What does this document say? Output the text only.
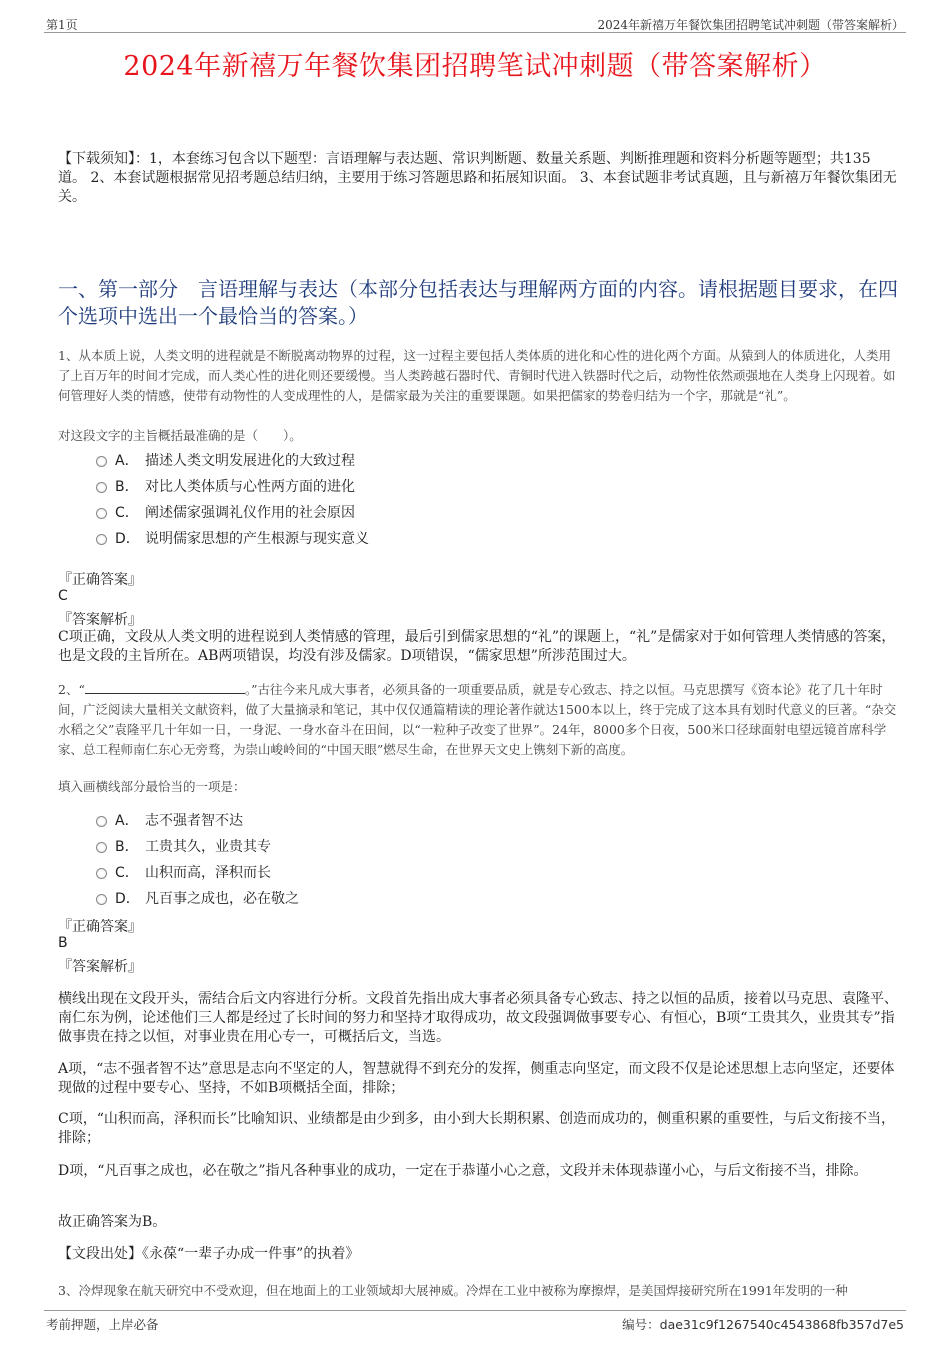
第1页	2024年新禧万年餐饮集团招聘笔试冲刺题（带答案解析）
2024年新禧万年餐饮集团招聘笔试冲刺题（带答案解析）
【下载须知】：1，本套练习包含以下题型：言语理解与表达题、常识判断题、数量关系题、判断推理题和资料分析题等题型；共135道。 2、本套试题根据常见招考题总结归纳，主要用于练习答题思路和拓展知识面。 3、本套试题非考试真题，且与新禧万年餐饮集团无关。
一、第一部分　言语理解与表达（本部分包括表达与理解两方面的内容。请根据题目要求，在四个选项中选出一个最恰当的答案。）
1、从本质上说，人类文明的进程就是不断脱离动物界的过程，这一过程主要包括人类体质的进化和心性的进化两个方面。从猿到人的体质进化，人类用了上百万年的时间才完成，而人类心性的进化则还要缓慢。当人类跨越石器时代、青铜时代进入铁器时代之后，动物性依然顽强地在人类身上闪现着。如何管理好人类的情感，使带有动物性的人变成理性的人，是儒家最为关注的重要课题。如果把儒家的势卷归结为一个字，那就是“礼”。
对这段文字的主旨概括最准确的是（　　）。
A． 描述人类文明发展进化的大致过程
B． 对比人类体质与心性两方面的进化
C． 阐述儒家强调礼仪作用的社会原因
D． 说明儒家思想的产生根源与现实意义
『正确答案』
C
『答案解析』
C项正确，文段从人类文明的进程说到人类情感的管理，最后引到儒家思想的“礼”的课题上，“礼”是儒家对于如何管理人类情感的答案，也是文段的主旨所在。AB两项错误，均没有涉及儒家。D项错误，“儒家思想”所涉范围过大。
2、“	。”古往今来凡成大事者，必须具备的一项重要品质，就是专心致志、持之以恒。马克思撰写《资本论》花了几十年时间，广泛阅读大量相关文献资料，做了大量摘录和笔记，其中仅仅通篇精读的理论著作就达1500本以上，终于完成了这本具有划时代意义的巨著。“杂交水稻之父”袁隆平几十年如一日，一身泥、一身水奋斗在田间，以“一粒种子改变了世界”。24年，8000多个日夜，500米口径球面射电望远镜首席科学家、总工程师南仁东心无旁骛，为崇山峻岭间的“中国天眼”燃尽生命，在世界天文史上镌刻下新的高度。
填入画横线部分最恰当的一项是：
A． 志不强者智不达
B． 工贵其久，业贵其专
C． 山积而高，泽积而长
D． 凡百事之成也，必在敬之
『正确答案』
B
『答案解析』
横线出现在文段开头，需结合后文内容进行分析。文段首先指出成大事者必须具备专心致志、持之以恒的品质，接着以马克思、袁隆平、南仁东为例，论述他们三人都是经过了长时间的努力和坚持才取得成功，故文段强调做事要专心、有恒心，B项“工贵其久，业贵其专”指做事贵在持之以恒，对事业贵在用心专一，可概括后文，当选。
A项，“志不强者智不达”意思是志向不坚定的人，智慧就得不到充分的发挥，侧重志向坚定，而文段不仅是论述思想上志向坚定，还要体现做的过程中要专心、坚持，不如B项概括全面，排除；
C项，“山积而高，泽积而长”比喻知识、业绩都是由少到多，由小到大长期积累、创造而成功的，侧重积累的重要性，与后文衔接不当，排除；
D项，“凡百事之成也，必在敬之”指凡各种事业的成功，一定在于恭谨小心之意，文段并未体现恭谨小心，与后文衔接不当，排除。
故正确答案为B。
【文段出处】《永葆“一辈子办成一件事”的执着》
3、冷焊现象在航天研究中不受欢迎，但在地面上的工业领域却大展神威。冷焊在工业中被称为摩擦焊，是美国焊接研究所在1991年发明的一种
考前押题，上岸必备	编号：dae31c9f1267540c4543868fb357d7e5
